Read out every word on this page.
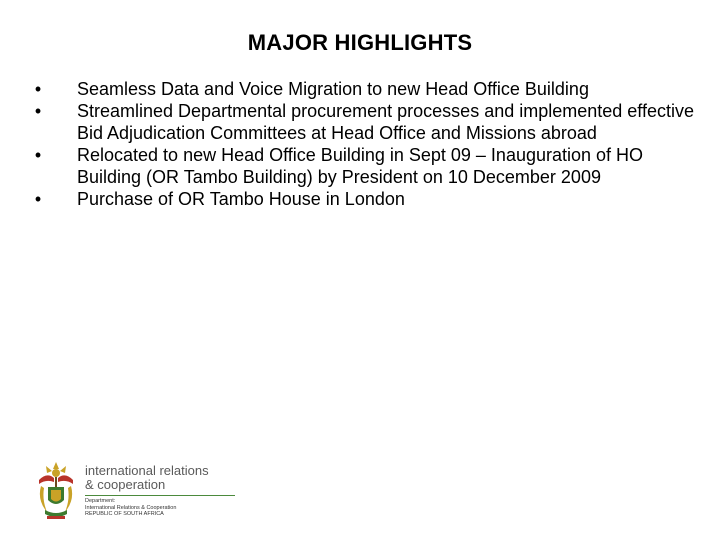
MAJOR HIGHLIGHTS
•	Seamless Data and Voice Migration to new Head Office Building
•	Streamlined Departmental procurement processes and implemented effective Bid Adjudication Committees at Head Office and Missions abroad
•	Relocated to new Head Office Building in Sept 09 – Inauguration of HO Building (OR Tambo Building) by President on 10 December 2009
•	Purchase of OR Tambo House in London
international relations
& cooperation
Department:
International Relations & Cooperation
REPUBLIC OF SOUTH AFRICA
